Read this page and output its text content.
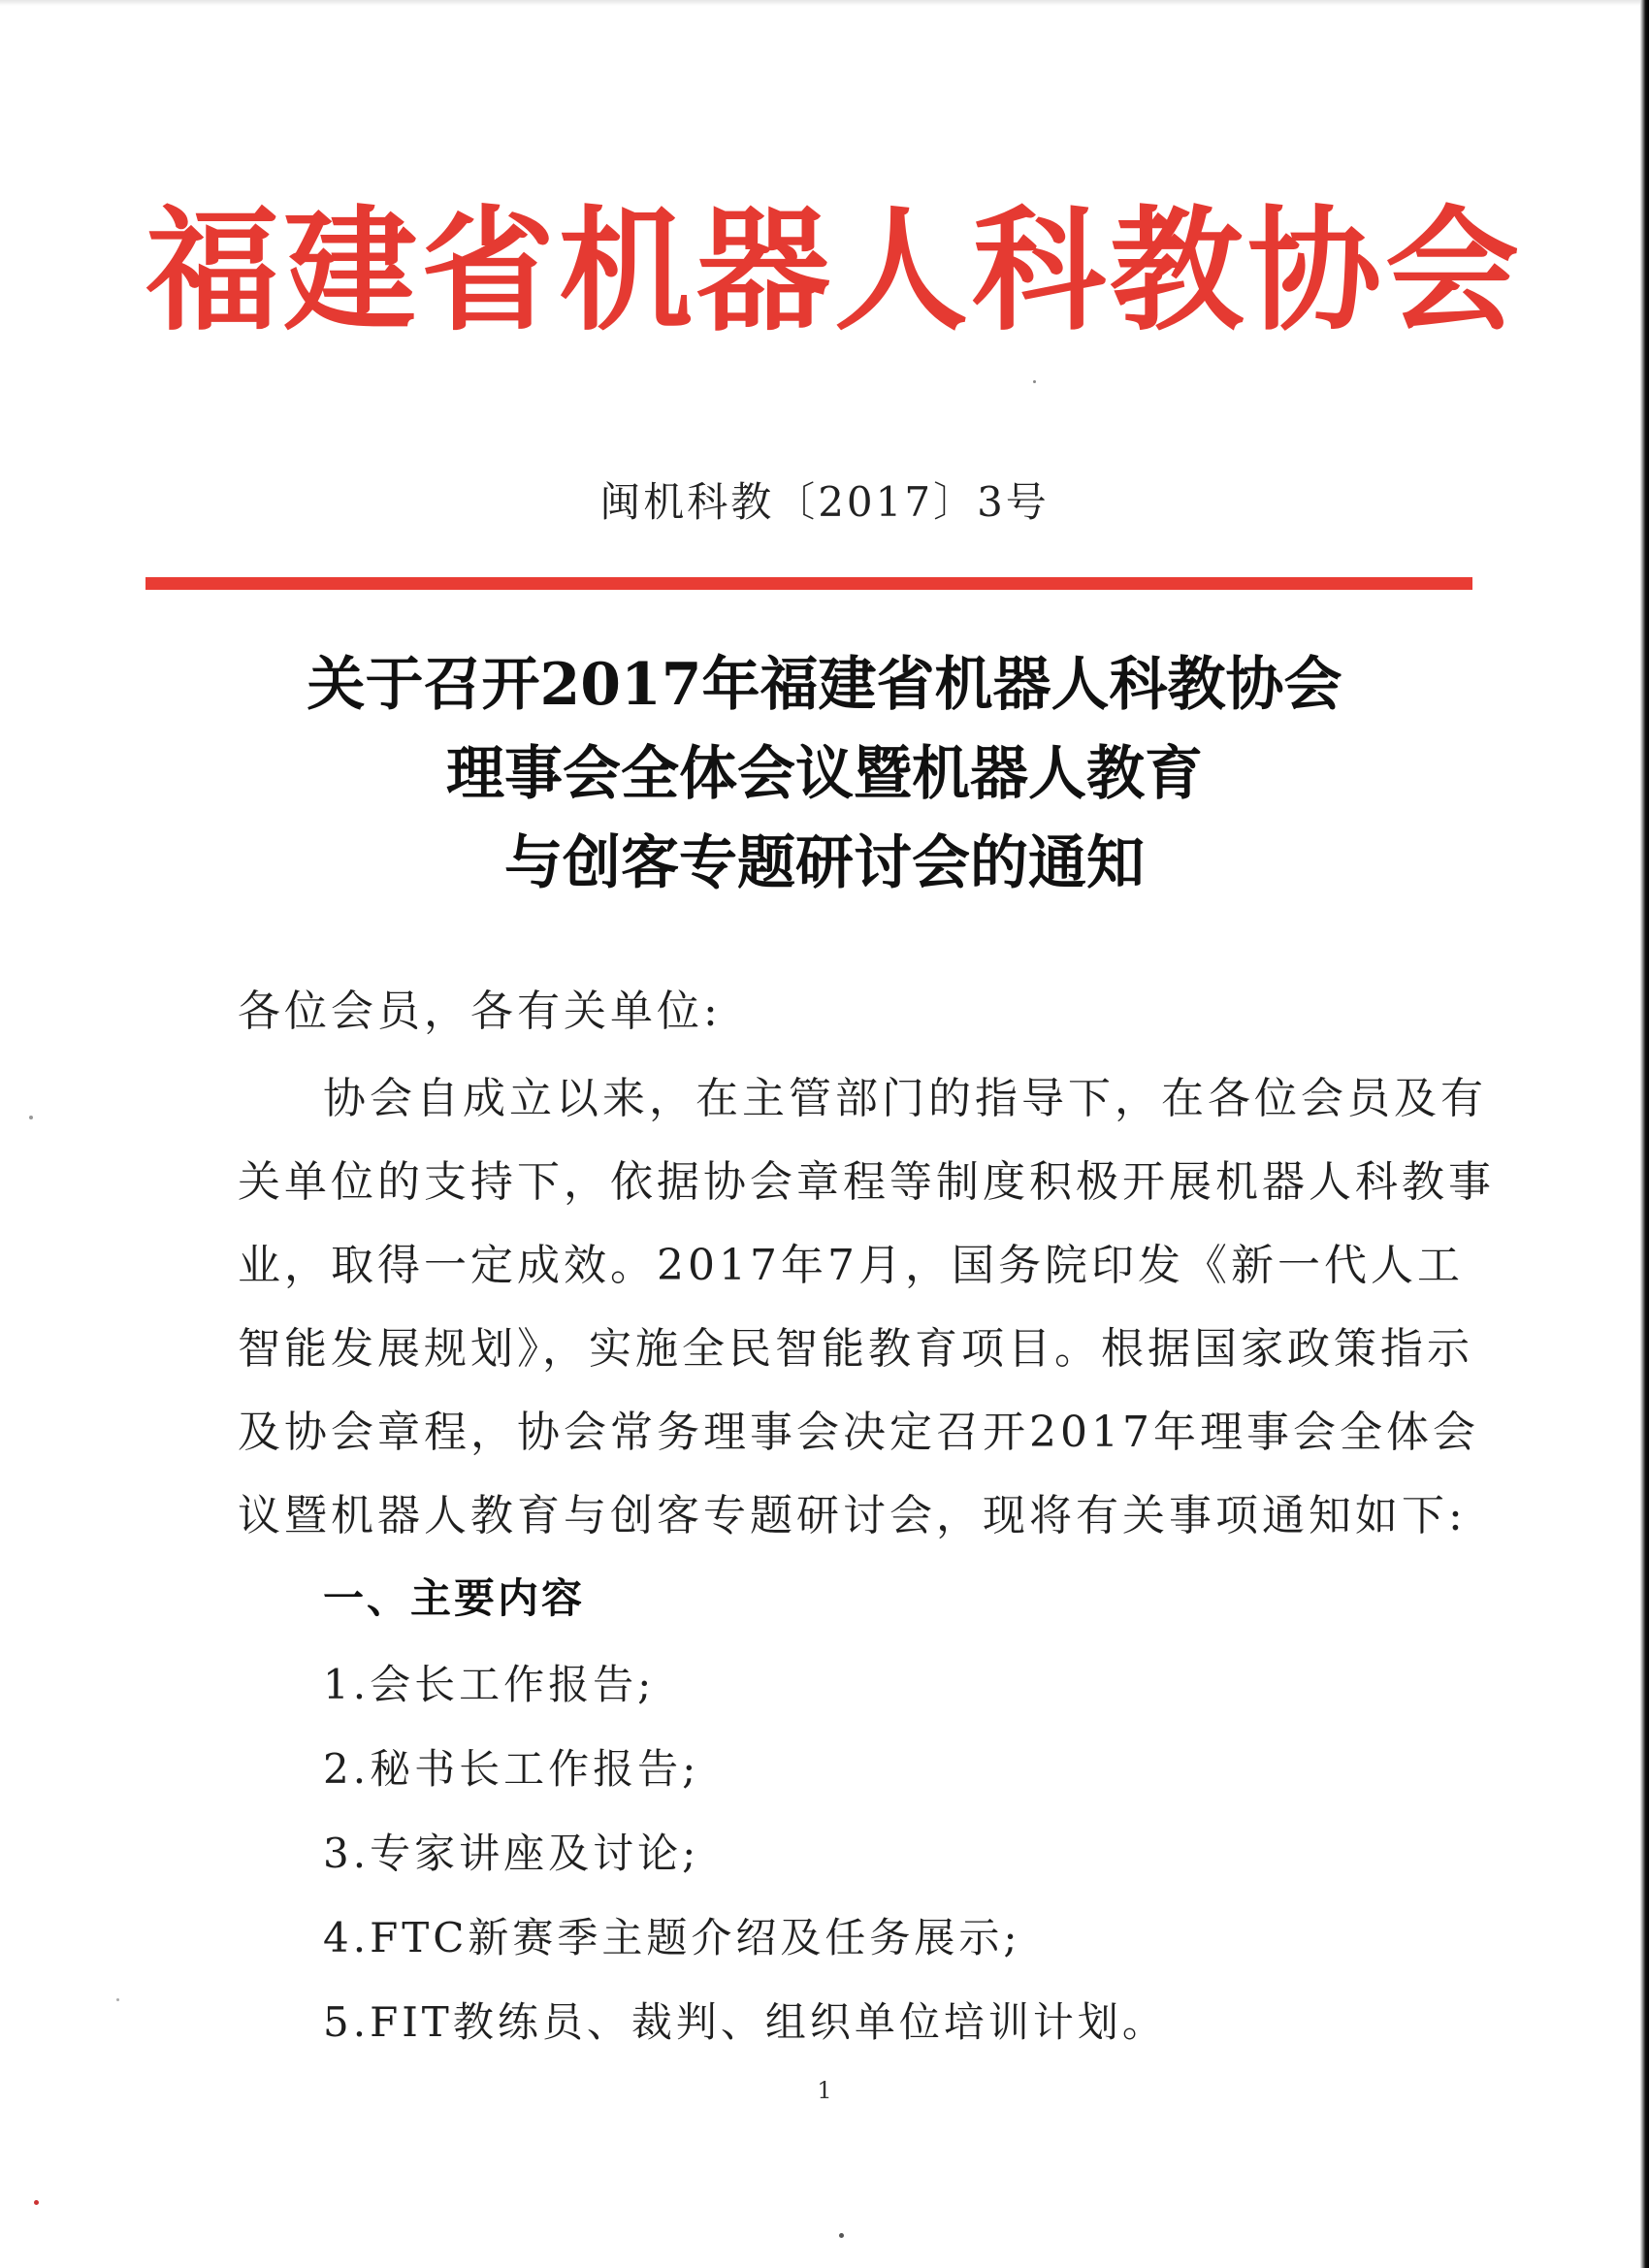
福建省机器人科教协会
闽机科教〔2017〕3号
关于召开2017年福建省机器人科教协会
理事会全体会议暨机器人教育
与创客专题研讨会的通知
各位会员，各有关单位:
协会自成立以来，在主管部门的指导下，在各位会员及有
关单位的支持下，依据协会章程等制度积极开展机器人科教事
业，取得一定成效。2017年7月，国务院印发《新一代人工
智能发展规划》，实施全民智能教育项目。根据国家政策指示
及协会章程，协会常务理事会决定召开2017年理事会全体会
议暨机器人教育与创客专题研讨会，现将有关事项通知如下:
一、主要内容
1.会长工作报告;
2.秘书长工作报告;
3.专家讲座及讨论;
4.FTC新赛季主题介绍及任务展示;
5.FIT教练员、裁判、组织单位培训计划。
1
